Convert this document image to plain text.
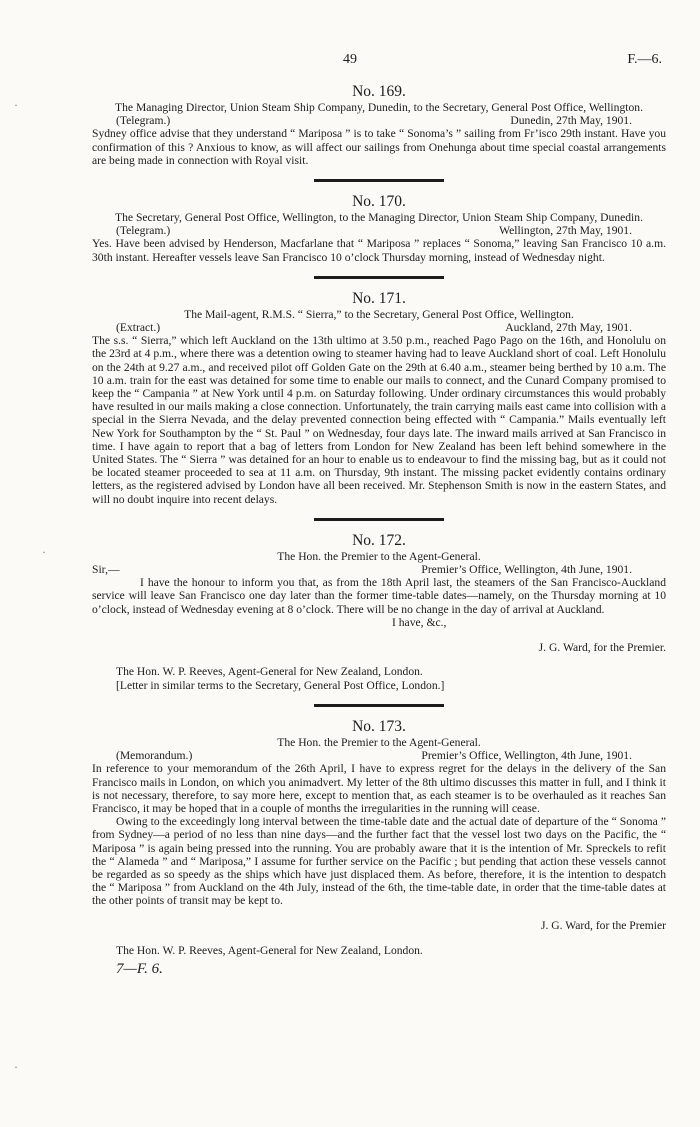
49	F.—6.

No. 169.

The Managing Director, Union Steam Ship Company, Dunedin, to the Secretary, General Post Office, Wellington.

(Telegram.)	Dunedin, 27th May, 1901.

Sydney office advise that they understand “ Mariposa ” is to take “ Sonoma’s ” sailing from Fr’isco 29th instant. Have you confirmation of this ? Anxious to know, as will affect our sailings from Onehunga about time special coastal arrangements are being made in connection with Royal visit.

No. 170.

The Secretary, General Post Office, Wellington, to the Managing Director, Union Steam Ship Company, Dunedin.

(Telegram.)	Wellington, 27th May, 1901.

Yes. Have been advised by Henderson, Macfarlane that “ Mariposa ” replaces “ Sonoma,” leaving San Francisco 10 a.m. 30th instant. Hereafter vessels leave San Francisco 10 o’clock Thursday morning, instead of Wednesday night.

No. 171.

The Mail-agent, R.M.S. “ Sierra,” to the Secretary, General Post Office, Wellington.

(Extract.)	Auckland, 27th May, 1901.

The s.s. “ Sierra,” which left Auckland on the 13th ultimo at 3.50 p.m., reached Pago Pago on the 16th, and Honolulu on the 23rd at 4 p.m., where there was a detention owing to steamer having had to leave Auckland short of coal. Left Honolulu on the 24th at 9.27 a.m., and received pilot off Golden Gate on the 29th at 6.40 a.m., steamer being berthed by 10 a.m. The 10 a.m. train for the east was detained for some time to enable our mails to connect, and the Cunard Company promised to keep the “ Campania ” at New York until 4 p.m. on Saturday following. Under ordinary circumstances this would probably have resulted in our mails making a close connection. Unfortunately, the train carrying mails east came into collision with a special in the Sierra Nevada, and the delay prevented connection being effected with “ Campania.” Mails eventually left New York for Southampton by the “ St. Paul ” on Wednesday, four days late. The inward mails arrived at San Francisco in time. I have again to report that a bag of letters from London for New Zealand has been left behind somewhere in the United States. The “ Sierra ” was detained for an hour to enable us to endeavour to find the missing bag, but as it could not be located steamer proceeded to sea at 11 a.m. on Thursday, 9th instant. The missing packet evidently contains ordinary letters, as the registered advised by London have all been received. Mr. Stephenson Smith is now in the eastern States, and will no doubt inquire into recent delays.

No. 172.

The Hon. the Premier to the Agent-General.

Sir,—	Premier’s Office, Wellington, 4th June, 1901.

I have the honour to inform you that, as from the 18th April last, the steamers of the San Francisco-Auckland service will leave San Francisco one day later than the former time-table dates—namely, on the Thursday morning at 10 o’clock, instead of Wednesday evening at 8 o’clock. There will be no change in the day of arrival at Auckland.

I have, &c.,

J. G. Ward, for the Premier.

The Hon. W. P. Reeves, Agent-General for New Zealand, London.

[Letter in similar terms to the Secretary, General Post Office, London.]

No. 173.

The Hon. the Premier to the Agent-General.

(Memorandum.)	Premier’s Office, Wellington, 4th June, 1901.

In reference to your memorandum of the 26th April, I have to express regret for the delays in the delivery of the San Francisco mails in London, on which you animadvert. My letter of the 8th ultimo discusses this matter in full, and I think it is not necessary, therefore, to say more here, except to mention that, as each steamer is to be overhauled as it reaches San Francisco, it may be hoped that in a couple of months the irregularities in the running will cease.

Owing to the exceedingly long interval between the time-table date and the actual date of departure of the “ Sonoma ” from Sydney—a period of no less than nine days—and the further fact that the vessel lost two days on the Pacific, the “ Mariposa ” is again being pressed into the running. You are probably aware that it is the intention of Mr. Spreckels to refit the “ Alameda ” and “ Mariposa,” I assume for further service on the Pacific ; but pending that action these vessels cannot be regarded as so speedy as the ships which have just displaced them. As before, therefore, it is the intention to despatch the “ Mariposa ” from Auckland on the 4th July, instead of the 6th, the time-table date, in order that the time-table dates at the other points of transit may be kept to.

J. G. Ward, for the Premier

The Hon. W. P. Reeves, Agent-General for New Zealand, London.

7—F. 6.
·
·
·
